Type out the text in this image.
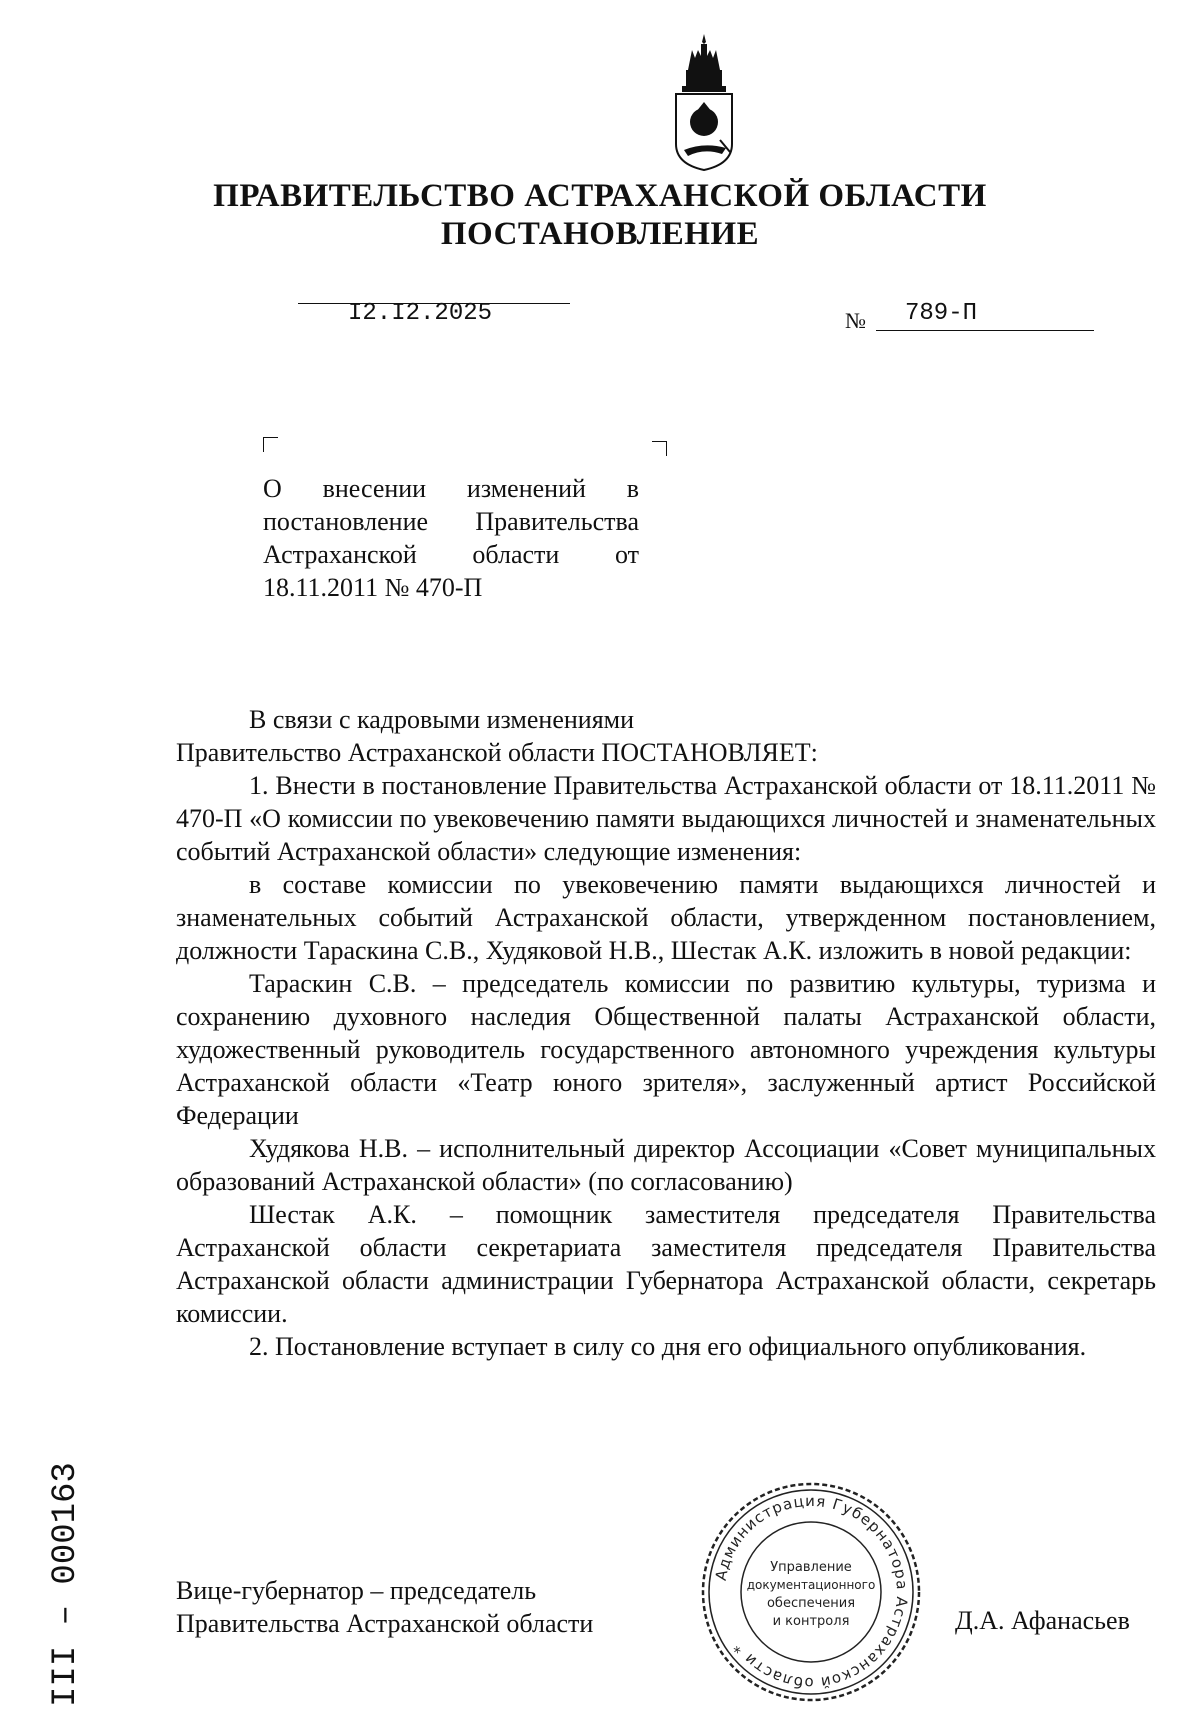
ПРАВИТЕЛЬСТВО АСТРАХАНСКОЙ ОБЛАСТИ
ПОСТАНОВЛЕНИЕ
I2.I2.2025	№ 789-П
О внесении изменений в
постановление Правительства
Астраханской области от
18.11.2011 № 470-П

В связи с кадровыми изменениями

Правительство Астраханской области ПОСТАНОВЛЯЕТ:

1. Внести в постановление Правительства Астраханской области от 18.11.2011 № 470-П «О комиссии по увековечению памяти выдающихся личностей и знаменательных событий Астраханской области» следующие изменения:

в составе комиссии по увековечению памяти выдающихся личностей и знаменательных событий Астраханской области, утвержденном постановлением, должности Тараскина С.В., Худяковой Н.В., Шестак А.К. изложить в новой редакции:

Тараскин С.В. – председатель комиссии по развитию культуры, туризма и сохранению духовного наследия Общественной палаты Астраханской области, художественный руководитель государственного автономного учреждения культуры Астраханской области «Театр юного зрителя», заслуженный артист Российской Федерации

Худякова Н.В. – исполнительный директор Ассоциации «Совет муниципальных образований Астраханской области» (по согласованию)

Шестак А.К. – помощник заместителя председателя Правительства Астраханской области секретариата заместителя председателя Правительства Астраханской области администрации Губернатора Астраханской области, секретарь комиссии.

2. Постановление вступает в силу со дня его официального опубликования.

Вице-губернатор – председатель
Правительства Астраханской области	Д.А. Афанасьев
Администрация Губернатора Астраханской области *
Управление
документационного
обеспечения
и контроля
III – 000163
